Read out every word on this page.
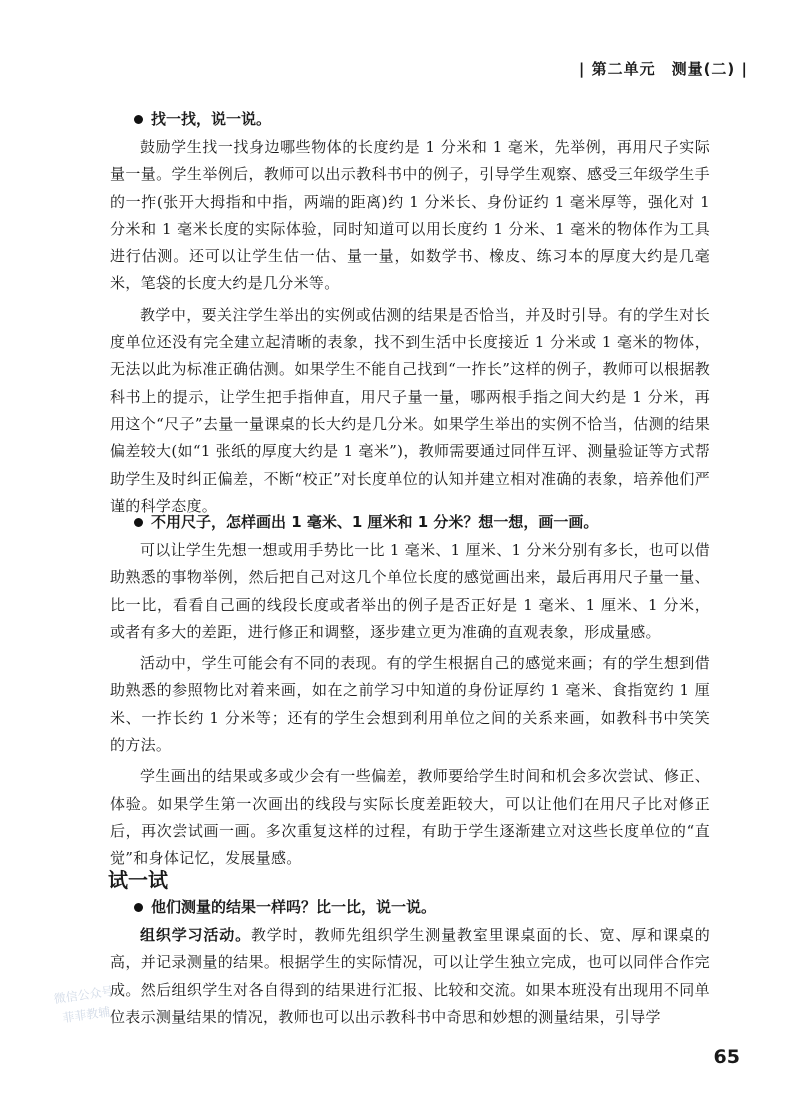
| 第二单元　测量(二) |

找一找，说一说。

鼓励学生找一找身边哪些物体的长度约是 1 分米和 1 毫米，先举例，再用尺子实际量一量。学生举例后，教师可以出示教科书中的例子，引导学生观察、感受三年级学生手的一拃(张开大拇指和中指，两端的距离)约 1 分米长、身份证约 1 毫米厚等，强化对 1 分米和 1 毫米长度的实际体验，同时知道可以用长度约 1 分米、1 毫米的物体作为工具进行估测。还可以让学生估一估、量一量，如数学书、橡皮、练习本的厚度大约是几毫米，笔袋的长度大约是几分米等。

教学中，要关注学生举出的实例或估测的结果是否恰当，并及时引导。有的学生对长度单位还没有完全建立起清晰的表象，找不到生活中长度接近 1 分米或 1 毫米的物体，无法以此为标准正确估测。如果学生不能自己找到“一拃长”这样的例子，教师可以根据教科书上的提示，让学生把手指伸直，用尺子量一量，哪两根手指之间大约是 1 分米，再用这个“尺子”去量一量课桌的长大约是几分米。如果学生举出的实例不恰当，估测的结果偏差较大(如“1 张纸的厚度大约是 1 毫米”)，教师需要通过同伴互评、测量验证等方式帮助学生及时纠正偏差，不断“校正”对长度单位的认知并建立相对准确的表象，培养他们严谨的科学态度。

不用尺子，怎样画出 1 毫米、1 厘米和 1 分米？想一想，画一画。

可以让学生先想一想或用手势比一比 1 毫米、1 厘米、1 分米分别有多长，也可以借助熟悉的事物举例，然后把自己对这几个单位长度的感觉画出来，最后再用尺子量一量、比一比，看看自己画的线段长度或者举出的例子是否正好是 1 毫米、1 厘米、1 分米，或者有多大的差距，进行修正和调整，逐步建立更为准确的直观表象，形成量感。

活动中，学生可能会有不同的表现。有的学生根据自己的感觉来画；有的学生想到借助熟悉的参照物比对着来画，如在之前学习中知道的身份证厚约 1 毫米、食指宽约 1 厘米、一拃长约 1 分米等；还有的学生会想到利用单位之间的关系来画，如教科书中笑笑的方法。

学生画出的结果或多或少会有一些偏差，教师要给学生时间和机会多次尝试、修正、体验。如果学生第一次画出的线段与实际长度差距较大，可以让他们在用尺子比对修正后，再次尝试画一画。多次重复这样的过程，有助于学生逐渐建立对这些长度单位的“直觉”和身体记忆，发展量感。

试一试

他们测量的结果一样吗？比一比，说一说。

组织学习活动。教学时，教师先组织学生测量教室里课桌面的长、宽、厚和课桌的高，并记录测量的结果。根据学生的实际情况，可以让学生独立完成，也可以同伴合作完成。然后组织学生对各自得到的结果进行汇报、比较和交流。如果本班没有出现用不同单位表示测量结果的情况，教师也可以出示教科书中奇思和妙想的测量结果，引导学

微信公众号
菲菲教辅
65
